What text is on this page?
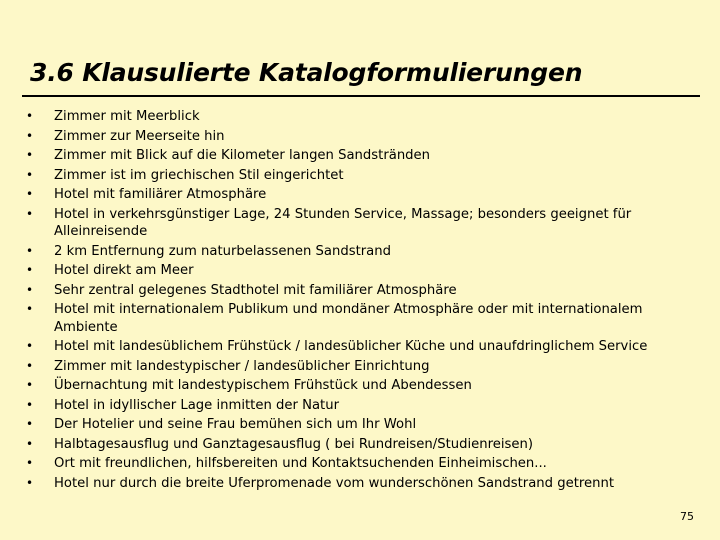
3.6 Klausulierte Katalogformulierungen
• Zimmer mit Meerblick
• Zimmer zur Meerseite hin
• Zimmer mit Blick auf die Kilometer langen Sandstränden
• Zimmer ist im griechischen Stil eingerichtet
• Hotel mit familiärer Atmosphäre
• Hotel in verkehrsgünstiger Lage, 24 Stunden Service, Massage; besonders geeignet für Alleinreisende
• 2 km Entfernung zum naturbelassenen Sandstrand
• Hotel direkt am Meer
• Sehr zentral gelegenes Stadthotel mit familiärer Atmosphäre
• Hotel mit internationalem Publikum und mondäner Atmosphäre oder mit internationalem Ambiente
• Hotel mit landesüblichem Frühstück / landesüblicher Küche und unaufdringlichem Service
• Zimmer mit landestypischer / landesüblicher Einrichtung
• Übernachtung mit landestypischem Frühstück und Abendessen
• Hotel in idyllischer Lage inmitten der Natur
• Der Hotelier und seine Frau bemühen sich um Ihr Wohl
• Halbtagesausflug und Ganztagesausflug ( bei Rundreisen/Studienreisen)
• Ort mit freundlichen, hilfsbereiten und Kontaktsuchenden Einheimischen...
• Hotel nur durch die breite Uferpromenade vom wunderschönen Sandstrand getrennt
75
